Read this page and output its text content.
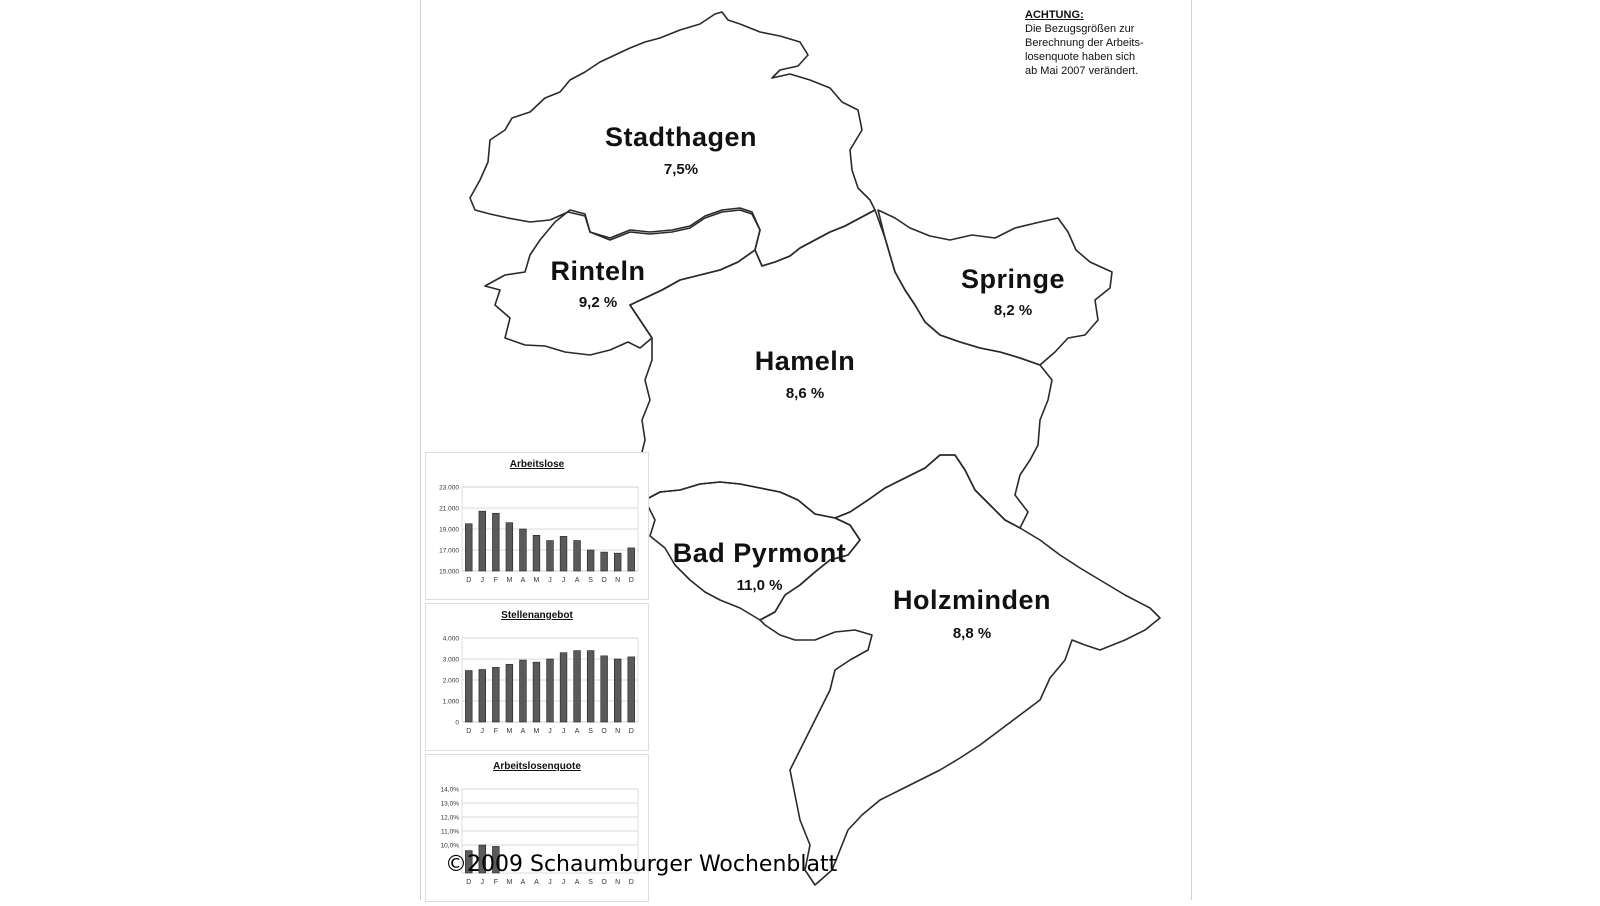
ACHTUNG:
Die Bezugsgrößen zur
Berechnung der Arbeits-
losenquote haben sich
ab Mai 2007 verändert.
Stadthagen
7,5%
Rinteln
9,2 %
Springe
8,2 %
Hameln
8,6 %
Bad Pyrmont
11,0 %	Holzminden
8,8 %
Arbeitslose
15.000
17.000
19.000
21.000
23.000
D J F M A M J J A S O N D
Stellenangebot
0
1.000
2.000
3.000
4.000
D J F M A M J J A S O N D
Arbeitslosenquote
10,0%
11,0%
12,0%
13,0%
14,0%
D J F M A A J J A S O N D
©2009 Schaumburger Wochenblatt
